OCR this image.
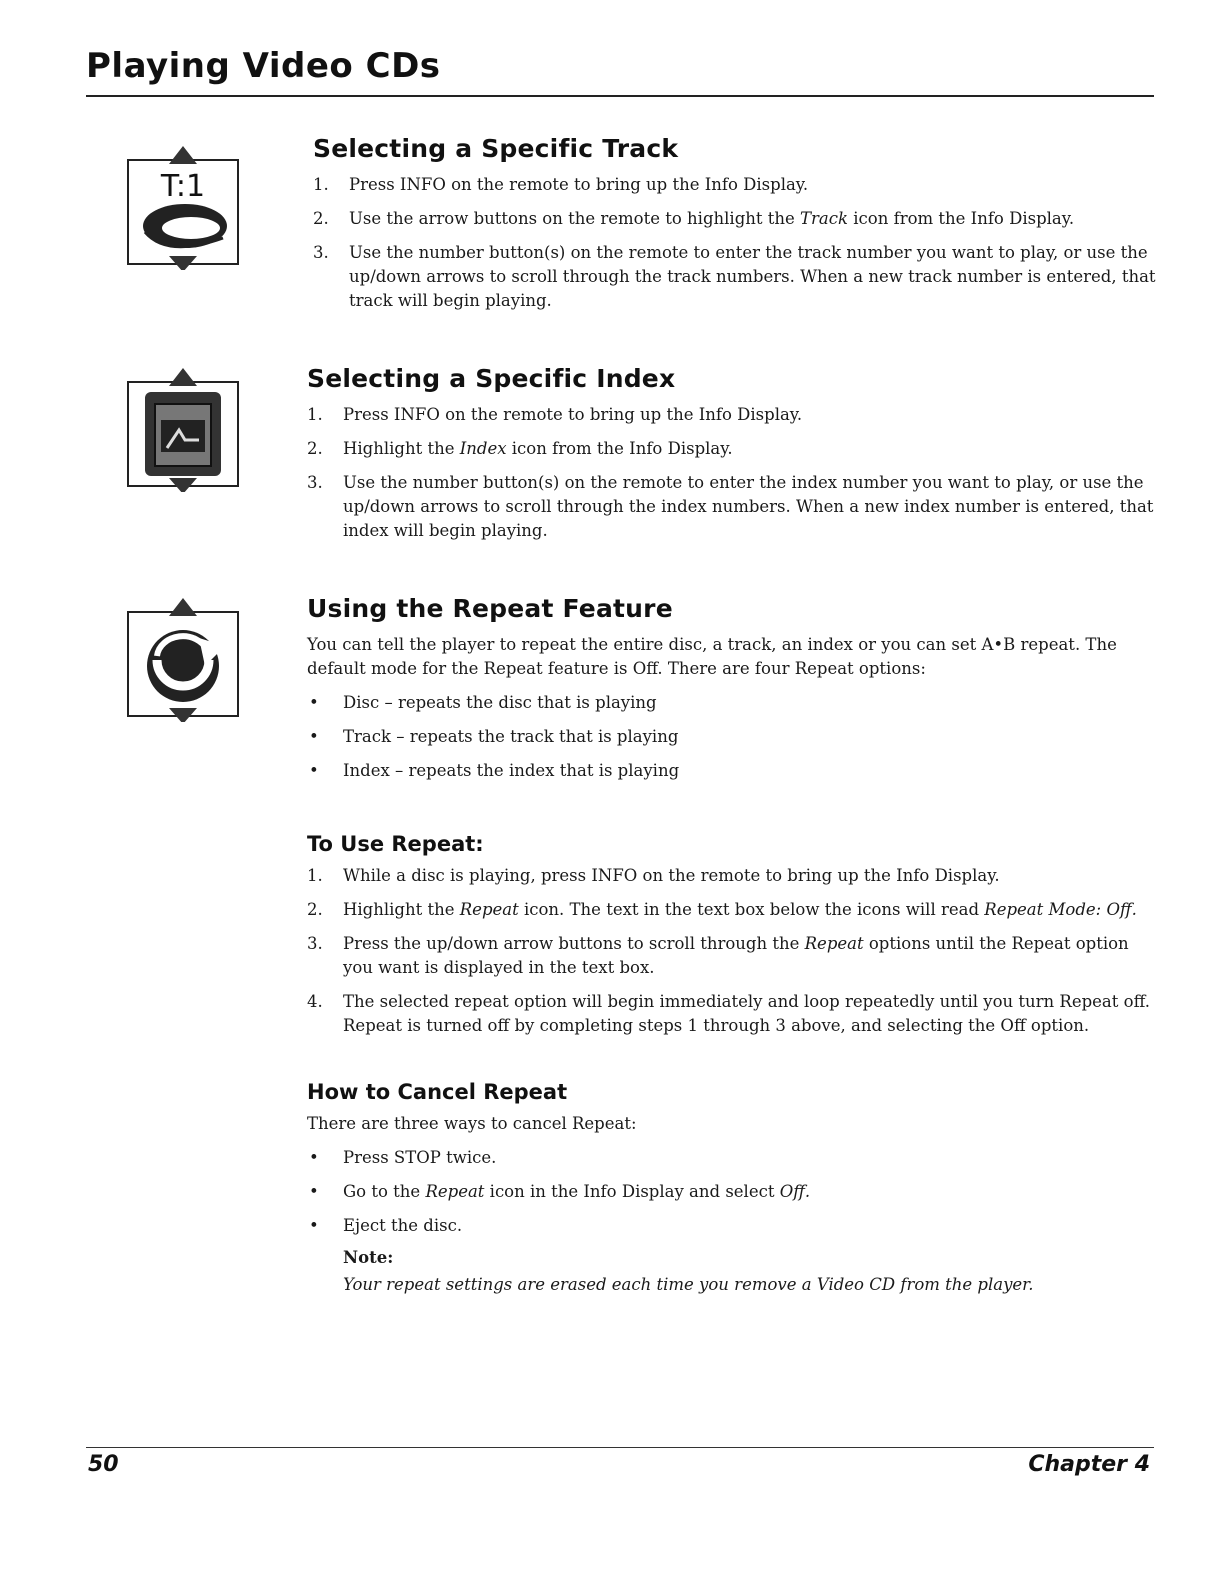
Playing Video CDs
T:1
Selecting a Specific Track
1.	Press INFO on the remote to bring up the Info Display.
2.	Use the arrow buttons on the remote to highlight the Track icon from the Info Display.
3.	Use the number button(s) on the remote to enter the track number you want to play, or use the up/down arrows to scroll through the track numbers. When a new track number is entered, that track will begin playing.
Selecting a Specific Index
1.	Press INFO on the remote to bring up the Info Display.
2.	Highlight the Index icon from the Info Display.
3.	Use the number button(s) on the remote to enter the index number you want to play, or use the up/down arrows to scroll through the index numbers. When a new index number is entered, that index will begin playing.
Using the Repeat Feature

You can tell the player to repeat the entire disc, a track, an index or you can set A•B repeat. The default mode for the Repeat feature is Off. There are four Repeat options:

•	Disc – repeats the disc that is playing
•	Track – repeats the track that is playing
•	Index – repeats the index that is playing
To Use Repeat:
1.	While a disc is playing, press INFO on the remote to bring up the Info Display.
2.	Highlight the Repeat icon. The text in the text box below the icons will read Repeat Mode: Off.
3.	Press the up/down arrow buttons to scroll through the Repeat options until the Repeat option you want is displayed in the text box.
4.	The selected repeat option will begin immediately and loop repeatedly until you turn Repeat off. Repeat is turned off by completing steps 1 through 3 above, and selecting the Off option.
How to Cancel Repeat

There are three ways to cancel Repeat:

•	Press STOP twice.
•	Go to the Repeat icon in the Info Display and select Off.
•	Eject the disc.
Note:
Your repeat settings are erased each time you remove a Video CD from the player.
50	Chapter 4
